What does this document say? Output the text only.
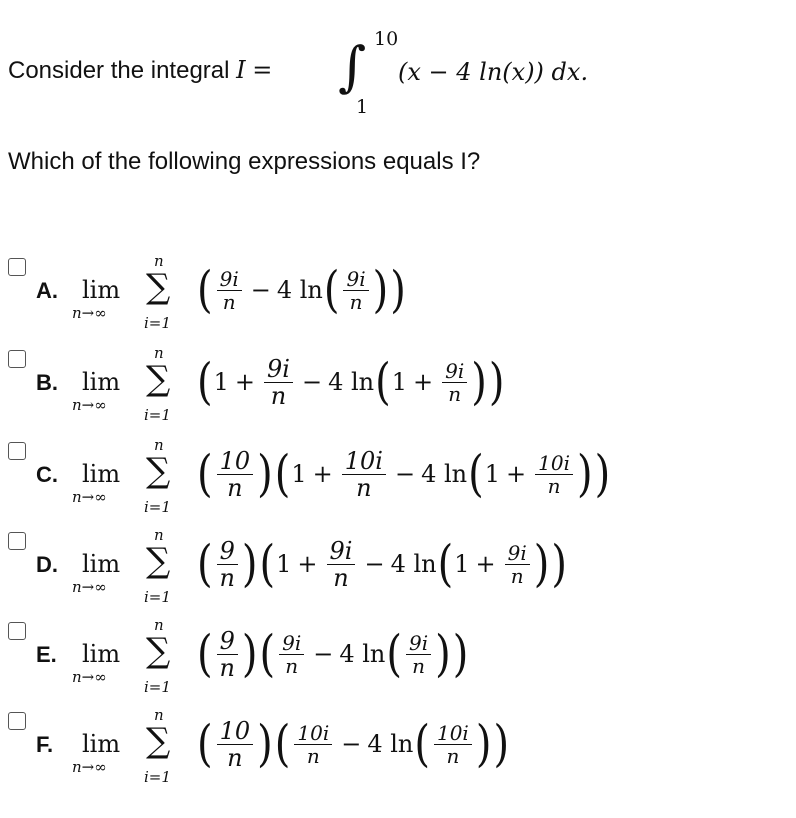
Consider the integral I = ∫ 10
1
(x − 4 ln(x)) dx.
Which of the following expressions equals I?
A. lim
n→∞
n
∑
i=1
( $\frac{9i}{n} - 4$ ln ( $\frac{9i}{n}$ ) )
B. lim
n→∞
n
∑
i=1
( $1 + \frac{9i}{n} - 4$ ln ( $1 + \frac{9i}{n}$ ) )
C. lim
n→∞
n
∑
i=1
( $\frac{10}{n}$ ) ( $1 + \frac{10i}{n} - 4$ ln ( $1 + \frac{10i}{n}$ ) )
D. lim
n→∞
n
∑
i=1
( $\frac{9}{n}$ ) ( $1 + \frac{9i}{n} - 4$ ln ( $1 + \frac{9i}{n}$ ) )
E. lim
n→∞
n
∑
i=1
( $\frac{9}{n}$ ) ( $\frac{9i}{n} - 4$ ln ( $\frac{9i}{n}$ ) )
F. lim
n→∞
n
∑
i=1
( $\frac{10}{n}$ ) ( $\frac{10i}{n} - 4$ ln ( $\frac{10i}{n}$ ) )
